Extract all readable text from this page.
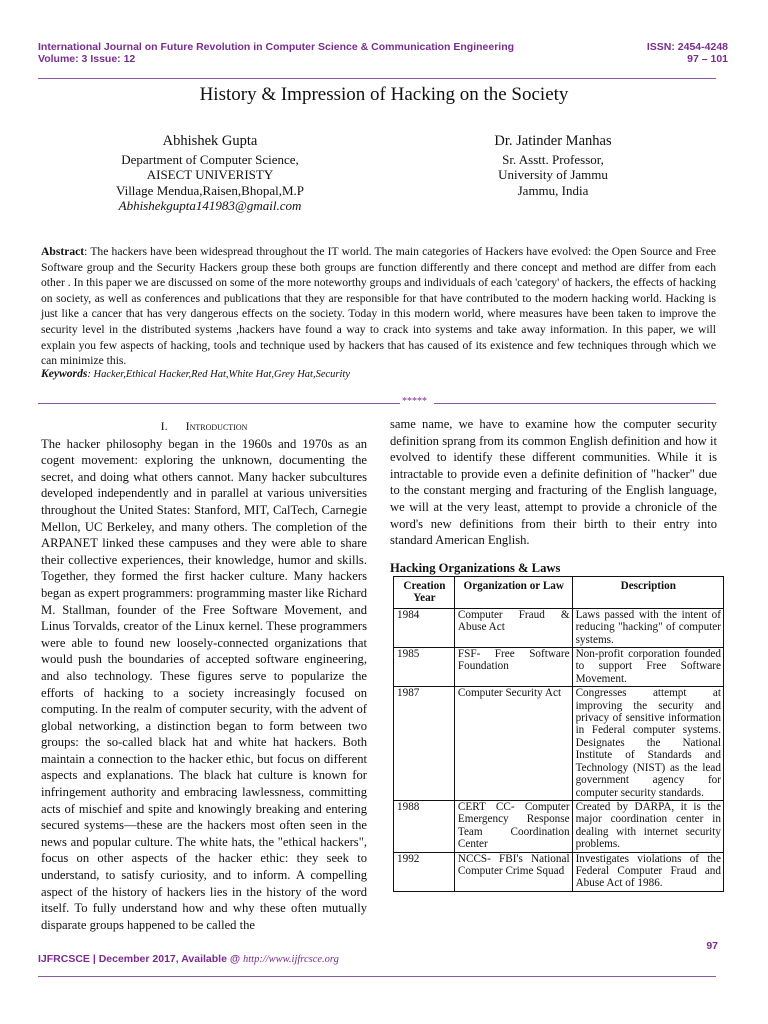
International Journal on Future Revolution in Computer Science & Communication Engineering
Volume: 3 Issue: 12
ISSN: 2454-4248
97 – 101
History & Impression of Hacking on the Society
Abhishek Gupta
Department of Computer Science,
AISECT UNIVERISTY
Village Mendua,Raisen,Bhopal,M.P
Abhishekgupta141983@gmail.com
Dr. Jatinder Manhas
Sr. Asstt. Professor,
University of Jammu
Jammu, India
Abstract: The hackers have been widespread throughout the IT world. The main categories of Hackers have evolved: the Open Source and Free Software group and the Security Hackers group these both groups are function differently and there concept and method are differ from each other . In this paper we are discussed on some of the more noteworthy groups and individuals of each 'category' of hackers, the effects of hacking on society, as well as conferences and publications that they are responsible for that have contributed to the modern hacking world. Hacking is just like a cancer that has very dangerous effects on the society. Today in this modern world, where measures have been taken to improve the security level in the distributed systems ,hackers have found a way to crack into systems and take away information. In this paper, we will explain you few aspects of hacking, tools and technique used by hackers that has caused of its existence and few techniques through which we can minimize this.
Keywords: Hacker,Ethical Hacker,Red Hat,White Hat,Grey Hat,Security
*****
I. Introduction

The hacker philosophy began in the 1960s and 1970s as an cogent movement: exploring the unknown, documenting the secret, and doing what others cannot. Many hacker subcultures developed independently and in parallel at various universities throughout the United States: Stanford, MIT, CalTech, Carnegie Mellon, UC Berkeley, and many others. The completion of the ARPANET linked these campuses and they were able to share their collective experiences, their knowledge, humor and skills. Together, they formed the first hacker culture. Many hackers began as expert programmers: programming master like Richard M. Stallman, founder of the Free Software Movement, and Linus Torvalds, creator of the Linux kernel. These programmers were able to found new loosely-connected organizations that would push the boundaries of accepted software engineering, and also technology. These figures serve to popularize the efforts of hacking to a society increasingly focused on computing. In the realm of computer security, with the advent of global networking, a distinction began to form between two groups: the so-called black hat and white hat hackers. Both maintain a connection to the hacker ethic, but focus on different aspects and explanations. The black hat culture is known for infringement authority and embracing lawlessness, committing acts of mischief and spite and knowingly breaking and entering secured systems—these are the hackers most often seen in the news and popular culture. The white hats, the "ethical hackers", focus on other aspects of the hacker ethic: they seek to understand, to satisfy curiosity, and to inform. A compelling aspect of the history of hackers lies in the history of the word itself. To fully understand how and why these often mutually disparate groups happened to be called the

same name, we have to examine how the computer security definition sprang from its common English definition and how it evolved to identify these different communities. While it is intractable to provide even a definite definition of "hacker" due to the constant merging and fracturing of the English language, we will at the very least, attempt to provide a chronicle of the word's new definitions from their birth to their entry into standard American English.

Hacking Organizations & Laws
Creation Year	Organization or Law	Description
1984	Computer Fraud & Abuse Act	Laws passed with the intent of reducing "hacking" of computer systems.
1985	FSF- Free Software Foundation	Non-profit corporation founded to support Free Software Movement.
1987	Computer Security Act	Congresses attempt at improving the security and privacy of sensitive information in Federal computer systems. Designates the National Institute of Standards and Technology (NIST) as the lead government agency for computer security standards.
1988	CERT CC- Computer Emergency Response Team Coordination Center	Created by DARPA, it is the major coordination center in dealing with internet security problems.
1992	NCCS- FBI's National Computer Crime Squad	Investigates violations of the Federal Computer Fraud and Abuse Act of 1986.
97
IJFRCSCE | December 2017, Available @ http://www.ijfrcsce.org
